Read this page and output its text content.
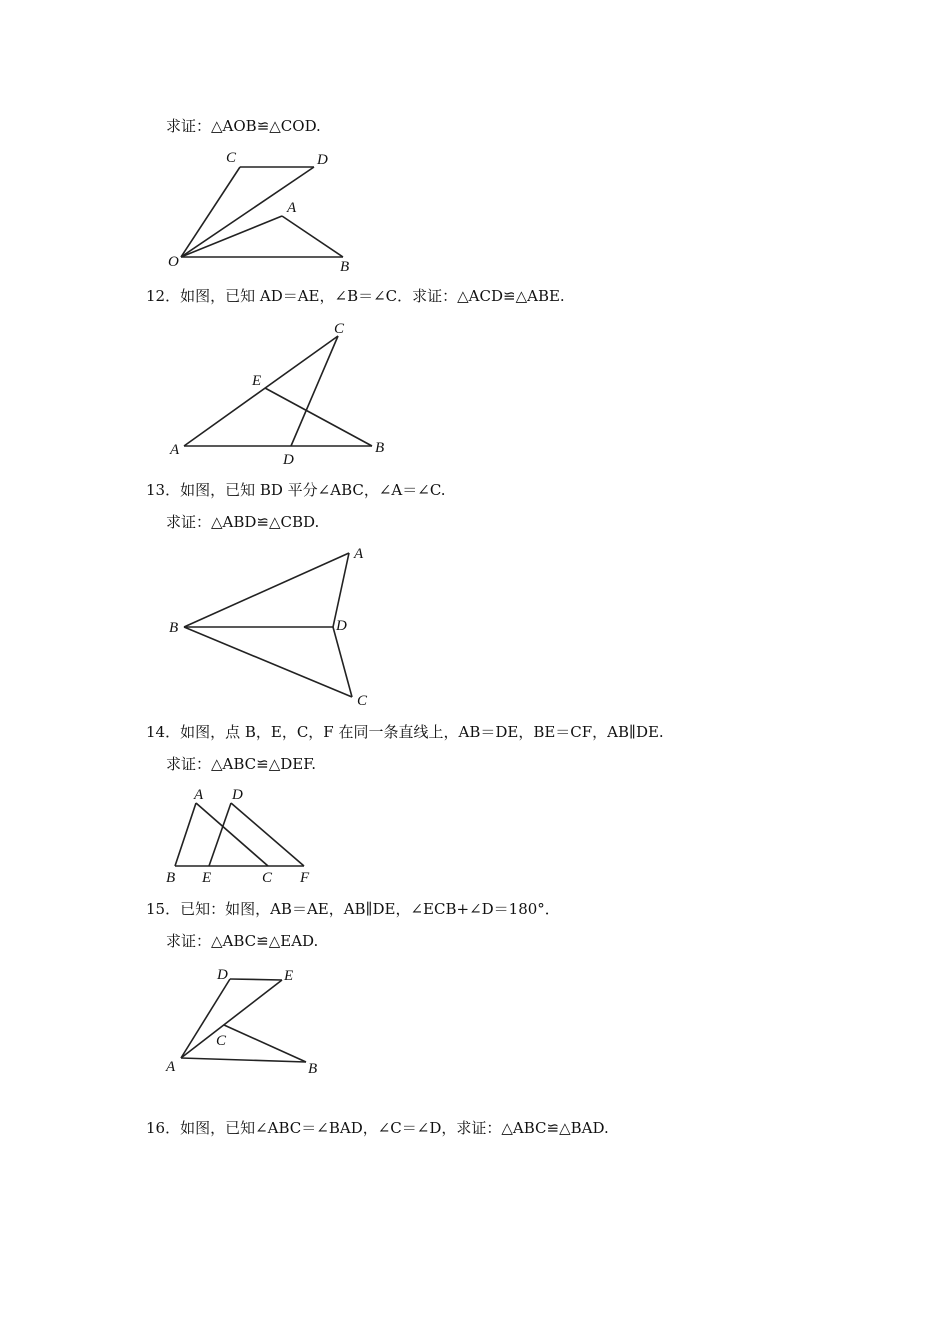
求证：△AOB≌△COD.
C	D
A
O	B
12．如图，已知 AD＝AE，∠B＝∠C．求证：△ACD≌△ABE.
C
E
A
D
B
13．如图，已知 BD 平分∠ABC，∠A＝∠C.
求证：△ABD≌△CBD.
A
B	D
C
14．如图，点 B，E，C，F 在同一条直线上，AB＝DE，BE＝CF，AB∥DE.
求证：△ABC≌△DEF.
A D
B E	C F
15．已知：如图，AB＝AE，AB∥DE，∠ECB+∠D＝180°．
求证：△ABC≌△EAD.
D	E
C
A	B
16．如图，已知∠ABC＝∠BAD，∠C＝∠D，求证：△ABC≌△BAD.
